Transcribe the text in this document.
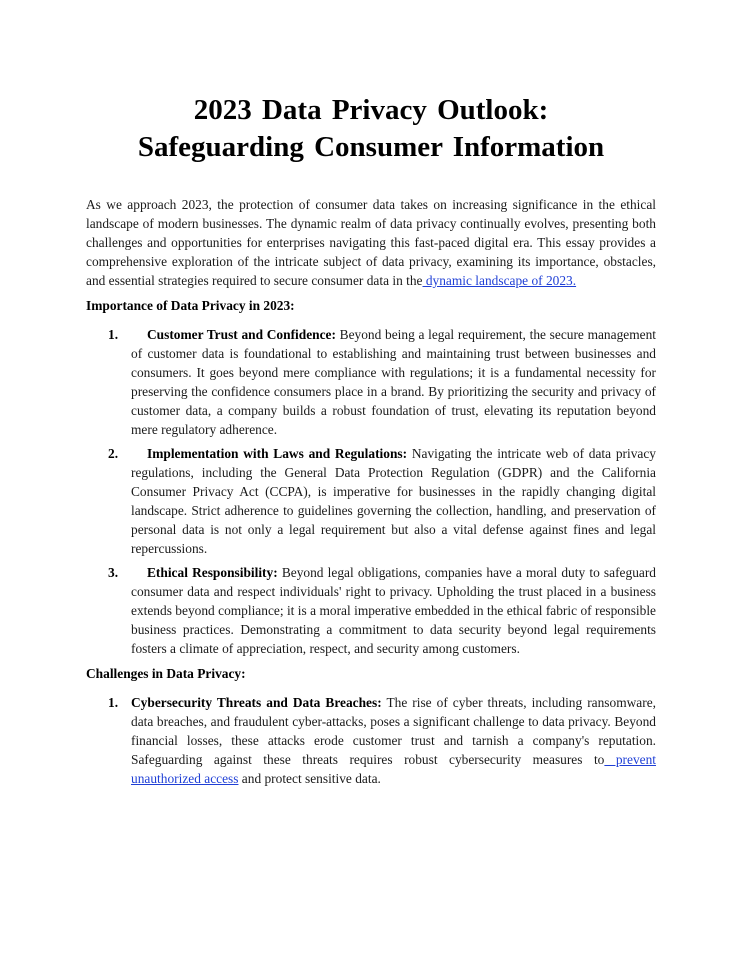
2023 Data Privacy Outlook:
Safeguarding Consumer Information

As we approach 2023, the protection of consumer data takes on increasing significance in the ethical landscape of modern businesses. The dynamic realm of data privacy continually evolves, presenting both challenges and opportunities for enterprises navigating this fast-paced digital era. This essay provides a comprehensive exploration of the intricate subject of data privacy, examining its importance, obstacles, and essential strategies required to secure consumer data in the dynamic landscape of 2023.

Importance of Data Privacy in 2023:
1. Customer Trust and Confidence: Beyond being a legal requirement, the secure management of customer data is foundational to establishing and maintaining trust between businesses and consumers. It goes beyond mere compliance with regulations; it is a fundamental necessity for preserving the confidence consumers place in a brand. By prioritizing the security and privacy of customer data, a company builds a robust foundation of trust, elevating its reputation beyond mere regulatory adherence.
2. Implementation with Laws and Regulations: Navigating the intricate web of data privacy regulations, including the General Data Protection Regulation (GDPR) and the California Consumer Privacy Act (CCPA), is imperative for businesses in the rapidly changing digital landscape. Strict adherence to guidelines governing the collection, handling, and preservation of personal data is not only a legal requirement but also a vital defense against fines and legal repercussions.
3. Ethical Responsibility: Beyond legal obligations, companies have a moral duty to safeguard consumer data and respect individuals' right to privacy. Upholding the trust placed in a business extends beyond compliance; it is a moral imperative embedded in the ethical fabric of responsible business practices. Demonstrating a commitment to data security beyond legal requirements fosters a climate of appreciation, respect, and security among customers.
Challenges in Data Privacy:
1. Cybersecurity Threats and Data Breaches: The rise of cyber threats, including ransomware, data breaches, and fraudulent cyber-attacks, poses a significant challenge to data privacy. Beyond financial losses, these attacks erode customer trust and tarnish a company's reputation. Safeguarding against these threats requires robust cybersecurity measures to prevent unauthorized access and protect sensitive data.
